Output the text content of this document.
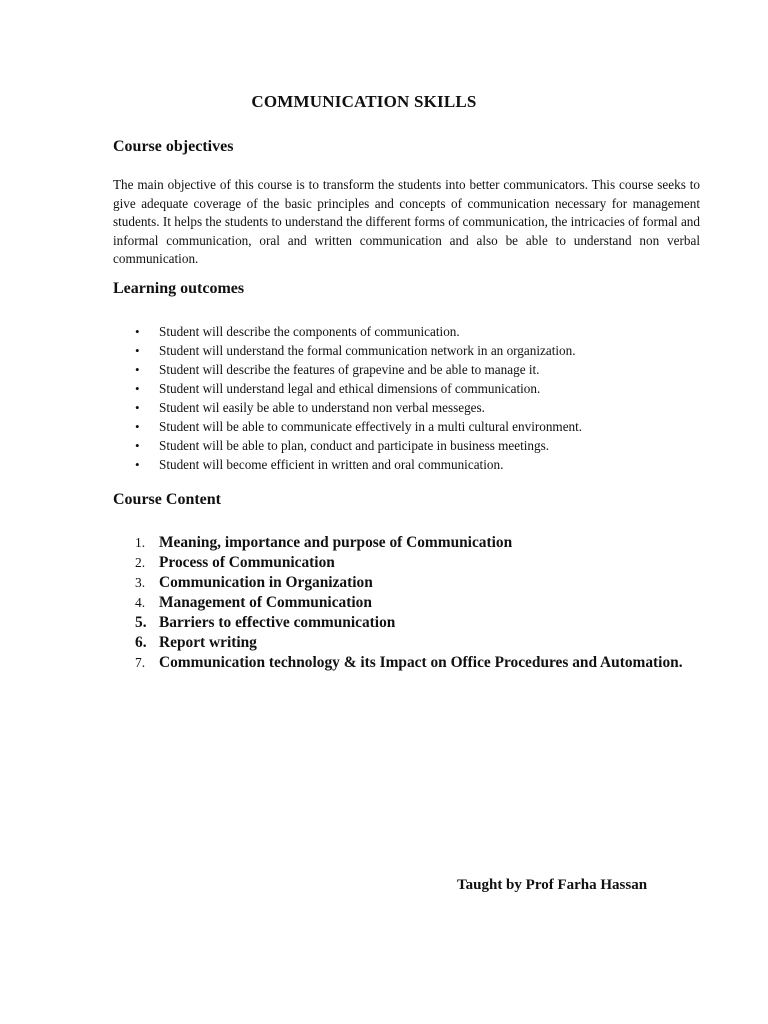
COMMUNICATION SKILLS
Course objectives

The main objective of this course is to transform the students into better communicators. This course seeks to give adequate coverage of the basic principles and concepts of communication necessary for management students. It helps the students to understand the different forms of communication, the intricacies of formal and informal communication, oral and written communication and also be able to understand non verbal communication.

Learning outcomes
• Student will describe the components of communication.
• Student will understand the formal communication network in an organization.
• Student will describe the features of grapevine and be able to manage it.
• Student will understand legal and ethical dimensions of communication.
• Student wil easily be able to understand non verbal messeges.
• Student will be able to communicate effectively in a multi cultural environment.
• Student will be able to plan, conduct and participate in business meetings.
• Student will become efficient in written and oral communication.
Course Content
1. Meaning, importance and purpose of Communication
2. Process of Communication
3. Communication in Organization
4. Management of Communication
5. Barriers to effective communication
6. Report writing
7. Communication technology & its Impact on Office Procedures and Automation.
Taught by Prof Farha Hassan
